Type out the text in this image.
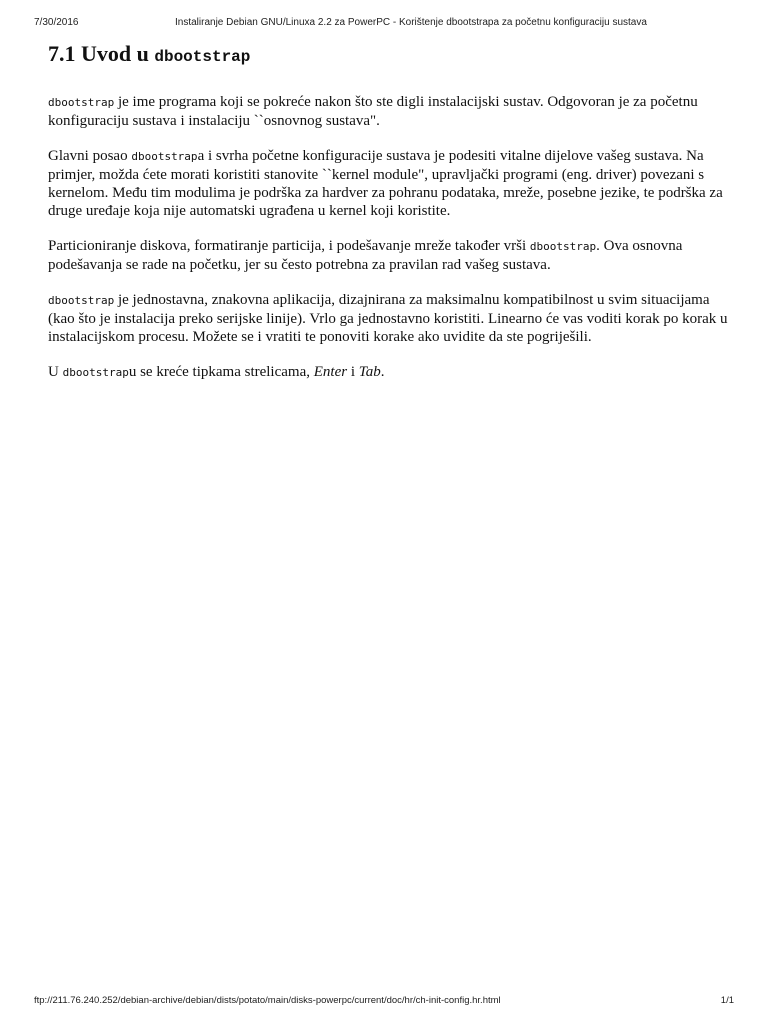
7/30/2016	Instaliranje Debian GNU/Linuxa 2.2 za PowerPC - Korištenje dbootstrapa za početnu konfiguraciju sustava
7.1 Uvod u dbootstrap

dbootstrap je ime programa koji se pokreće nakon što ste digli instalacijski sustav. Odgovoran je za početnu konfiguraciju sustava i instalaciju ``osnovnog sustava".

Glavni posao dbootstrapa i svrha početne konfiguracije sustava je podesiti vitalne dijelove vašeg sustava. Na primjer, možda ćete morati koristiti stanovite ``kernel module", upravljački programi (eng. driver) povezani s kernelom. Među tim modulima je podrška za hardver za pohranu podataka, mreže, posebne jezike, te podrška za druge uređaje koja nije automatski ugrađena u kernel koji koristite.

Particioniranje diskova, formatiranje particija, i podešavanje mreže također vrši dbootstrap. Ova osnovna podešavanja se rade na početku, jer su često potrebna za pravilan rad vašeg sustava.

dbootstrap je jednostavna, znakovna aplikacija, dizajnirana za maksimalnu kompatibilnost u svim situacijama (kao što je instalacija preko serijske linije). Vrlo ga jednostavno koristiti. Linearno će vas voditi korak po korak u instalacijskom procesu. Možete se i vratiti te ponoviti korake ako uvidite da ste pogriješili.

U dbootstrapu se kreće tipkama strelicama, Enter i Tab.

ftp://211.76.240.252/debian-archive/debian/dists/potato/main/disks-powerpc/current/doc/hr/ch-init-config.hr.html	1/1
